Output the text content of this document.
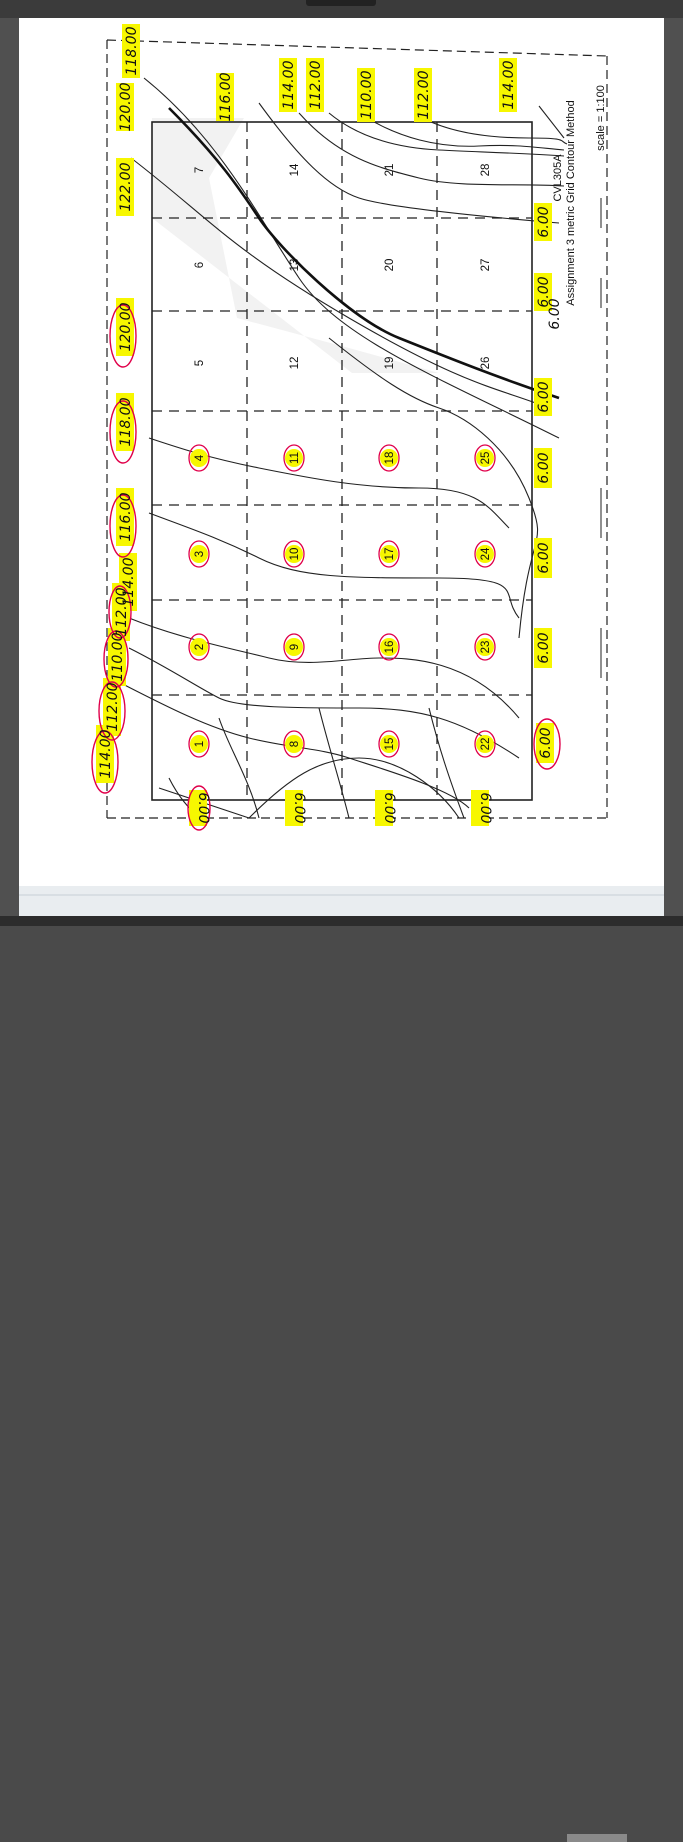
1
2
3
4
5
6
7
8
9
10
11
12
13
14
15
16
17
18
19
20
21
22
23
24
25
26
27
28
114.00
112.00
110.00
112.00
114.00
116.00
118.00
120.00
122.00
120.00
118.00
6.00	6.00	6.00	6.00
116.00	114.00 112.00	110.00	112.00	114.00
6.00
6.00
6.00
6.00
6.00
6.00
6.00
6.00
CVL305A Assignment 3 metric Grid Contour Method scale = 1:100
